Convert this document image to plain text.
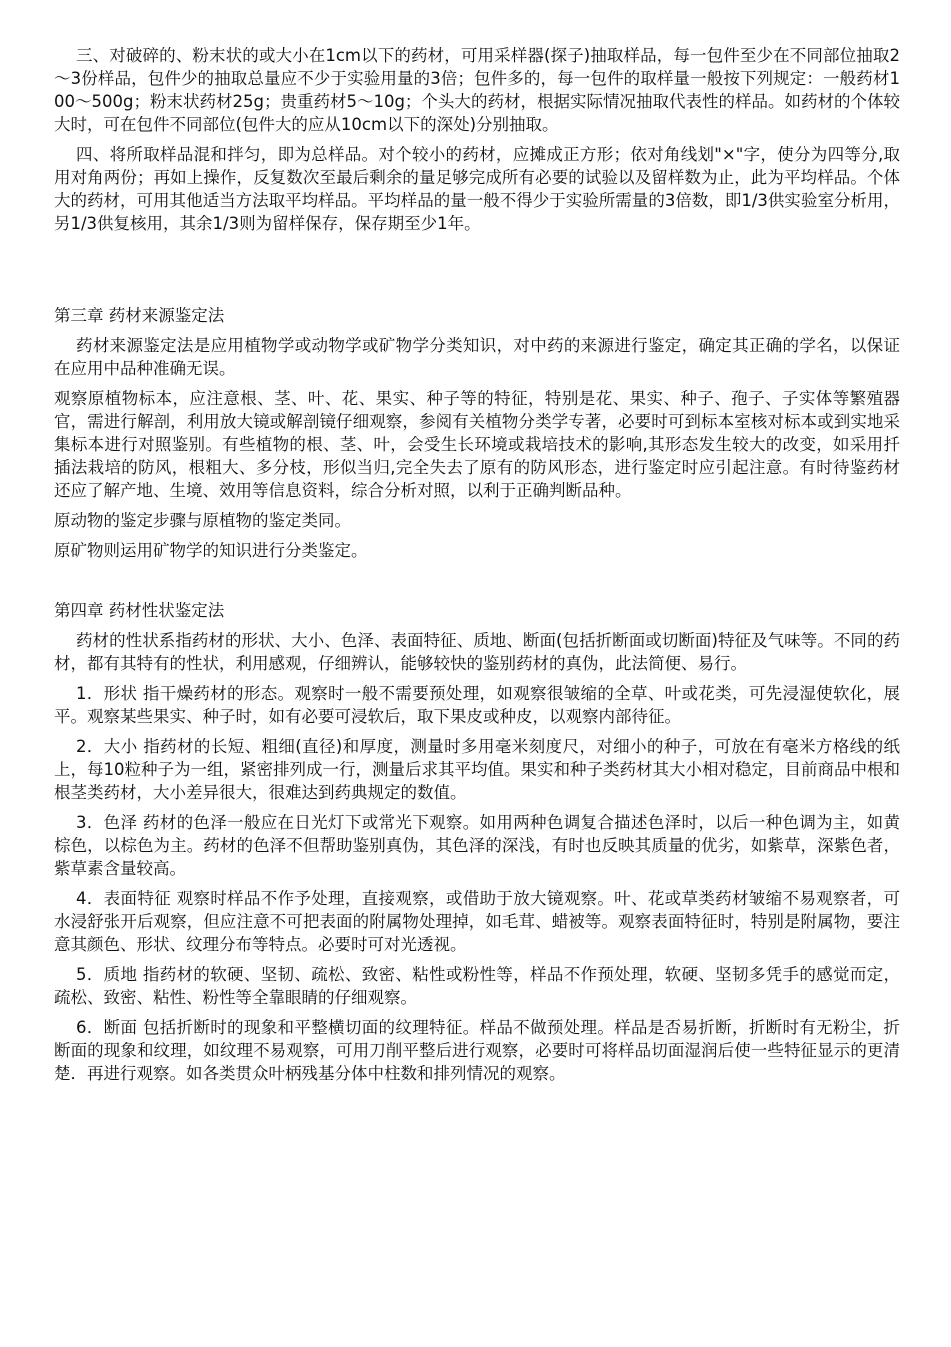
三、对破碎的、粉末状的或大小在1cm以下的药材，可用采样器(探子)抽取样品，每一包件至少在不同部位抽取2～3份样品，包件少的抽取总量应不少于实验用量的3倍；包件多的，每一包件的取样量一般按下列规定：一般药材100～500g；粉末状药材25g；贵重药材5～10g；个头大的药材，根据实际情况抽取代表性的样品。如药材的个体较大时，可在包件不同部位(包件大的应从10cm以下的深处)分别抽取。

四、将所取样品混和拌匀，即为总样品。对个较小的药材，应摊成正方形；依对角线划"×"字，使分为四等分,取用对角两份；再如上操作，反复数次至最后剩余的量足够完成所有必要的试验以及留样数为止，此为平均样品。个体大的药材，可用其他适当方法取平均样品。平均样品的量一般不得少于实验所需量的3倍数，即1/3供实验室分析用，另1/3供复核用，其余1/3则为留样保存，保存期至少1年。

第三章 药材来源鉴定法

药材来源鉴定法是应用植物学或动物学或矿物学分类知识，对中药的来源进行鉴定，确定其正确的学名，以保证在应用中品种准确无误。

观察原植物标本，应注意根、茎、叶、花、果实、种子等的特征，特别是花、果实、种子、孢子、子实体等繁殖器官，需进行解剖，利用放大镜或解剖镜仔细观察，参阅有关植物分类学专著，必要时可到标本室核对标本或到实地采集标本进行对照鉴别。有些植物的根、茎、叶，会受生长环境或栽培技术的影响,其形态发生较大的改变，如采用扦插法栽培的防风，根粗大、多分枝，形似当归,完全失去了原有的防风形态，进行鉴定时应引起注意。有时待鉴药材还应了解产地、生境、效用等信息资料，综合分析对照，以利于正确判断品种。

原动物的鉴定步骤与原植物的鉴定类同。

原矿物则运用矿物学的知识进行分类鉴定。

第四章 药材性状鉴定法

药材的性状系指药材的形状、大小、色泽、表面特征、质地、断面(包括折断面或切断面)特征及气味等。不同的药材，都有其特有的性状，利用感观，仔细辨认，能够较快的鉴别药材的真伪，此法简便、易行。

1．形状 指干燥药材的形态。观察时一般不需要预处理，如观察很皱缩的全草、叶或花类，可先浸湿使软化，展平。观察某些果实、种子时，如有必要可浸软后，取下果皮或种皮，以观察内部待征。

2．大小 指药材的长短、粗细(直径)和厚度，测量时多用毫米刻度尺，对细小的种子，可放在有毫米方格线的纸上，每10粒种子为一组，紧密排列成一行，测量后求其平均值。果实和种子类药材其大小相对稳定，目前商品中根和根茎类药材，大小差异很大，很难达到药典规定的数值。

3．色泽 药材的色泽一般应在日光灯下或常光下观察。如用两种色调复合描述色泽时，以后一种色调为主，如黄棕色，以棕色为主。药材的色泽不但帮助鉴别真伪，其色泽的深浅，有时也反映其质量的优劣，如紫草，深紫色者，紫草素含量较高。

4．表面特征 观察时样品不作予处理，直接观察，或借助于放大镜观察。叶、花或草类药材皱缩不易观察者，可水浸舒张开后观察，但应注意不可把表面的附属物处理掉，如毛茸、蜡被等。观察表面特征时，特别是附属物，要注意其颜色、形状、纹理分布等特点。必要时可对光透视。

5．质地 指药材的软硬、坚韧、疏松、致密、粘性或粉性等，样品不作预处理，软硬、坚韧多凭手的感觉而定，疏松、致密、粘性、粉性等全靠眼睛的仔细观察。

6．断面 包括折断时的现象和平整横切面的纹理特征。样品不做预处理。样品是否易折断，折断时有无粉尘，折断面的现象和纹理，如纹理不易观察，可用刀削平整后进行观察，必要时可将样品切面湿润后使一些特征显示的更清楚．再进行观察。如各类贯众叶柄残基分体中柱数和排列情况的观察。
